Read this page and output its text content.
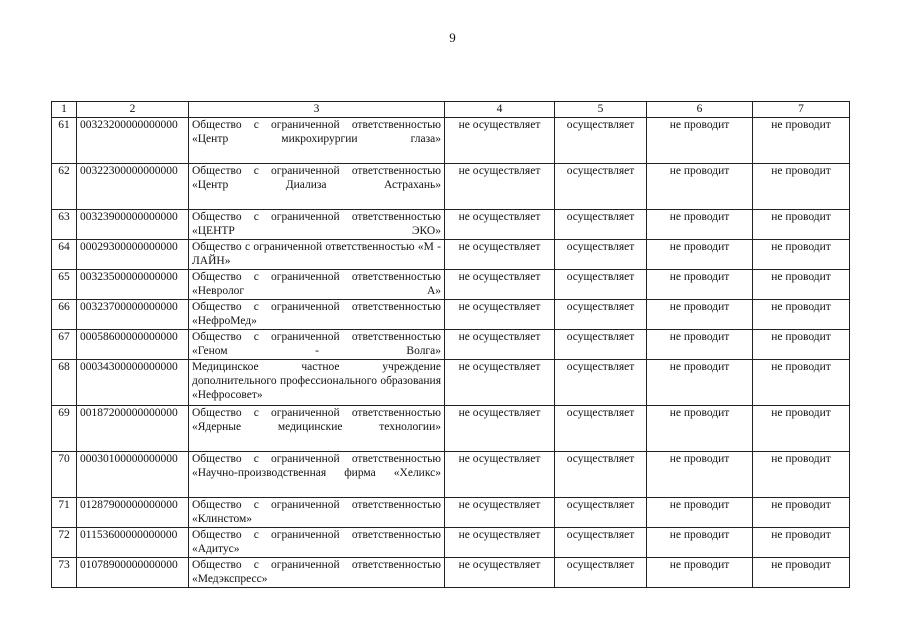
9
1	2	3	4	5	6	7
61	00323200000000000	Общество с ограниченной ответственностью «Центр микрохирургии глаза»	не осуществляет	осуществляет	не проводит	не проводит
62	00322300000000000	Общество с ограниченной ответственностью «Центр Диализа Астрахань»	не осуществляет	осуществляет	не проводит	не проводит
63	00323900000000000	Общество с ограниченной ответственностью «ЦЕНТР ЭКО»	не осуществляет	осуществляет	не проводит	не проводит
64	00029300000000000	Общество с ограниченной ответственностью «М - ЛАЙН»	не осуществляет	осуществляет	не проводит	не проводит
65	00323500000000000	Общество с ограниченной ответственностью «Невролог А»	не осуществляет	осуществляет	не проводит	не проводит
66	00323700000000000	Общество с ограниченной ответственностью «НефроМед»	не осуществляет	осуществляет	не проводит	не проводит
67	00058600000000000	Общество с ограниченной ответственностью «Геном - Волга»	не осуществляет	осуществляет	не проводит	не проводит
68	00034300000000000	Медицинское частное учреждение дополнительного профессионального образования «Нефросовет»	не осуществляет	осуществляет	не проводит	не проводит
69	00187200000000000	Общество с ограниченной ответственностью «Ядерные медицинские технологии»	не осуществляет	осуществляет	не проводит	не проводит
70	00030100000000000	Общество с ограниченной ответственностью «Научно-производственная фирма «Хеликс»	не осуществляет	осуществляет	не проводит	не проводит
71	01287900000000000	Общество с ограниченной ответственностью «Клинстом»	не осуществляет	осуществляет	не проводит	не проводит
72	01153600000000000	Общество с ограниченной ответственностью «Адитус»	не осуществляет	осуществляет	не проводит	не проводит
73	01078900000000000	Общество с ограниченной ответственностью «Медэкспресс»	не осуществляет	осуществляет	не проводит	не проводит
